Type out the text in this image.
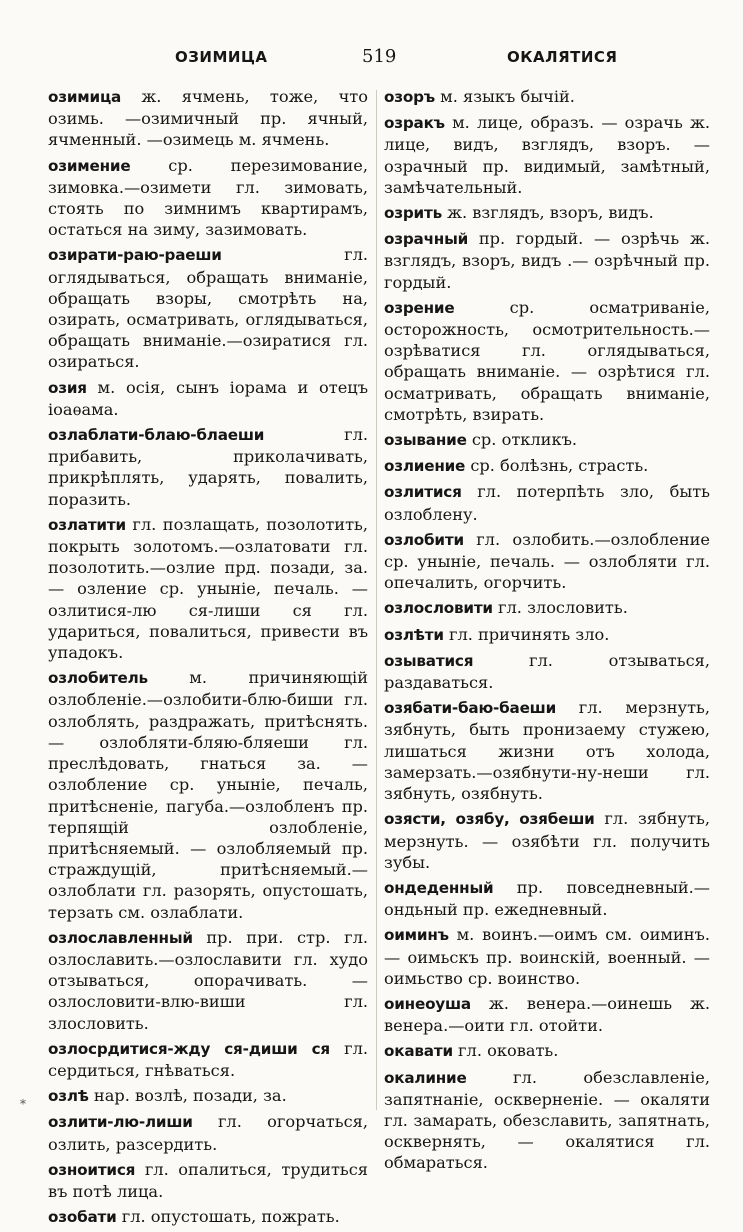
ОЗИМИЦА	519	ОКАЛЯТИСЯ
озимица ж. ячмень, тоже, что озимь. —озимичный пр. ячный, ячменный. —озимець м. ячмень.
озимение ср. перезимование, зимовка.—озимети гл. зимовать, стоять по зимнимъ квартирамъ, остаться на зиму, зазимовать.
озирати-раю-раеши гл. оглядываться, обращать вниманіе, обращать взоры, смотрѣть на, озирать, осматривать, оглядываться, обращать вниманіе.—озиратися гл. озираться.
озия м. осія, сынъ іорама и отецъ іоаѳама.
озлаблати-блаю-блаеши гл. прибавить, приколачивать, прикрѣплять, ударять, повалить, поразить.
озлатити гл. позлащать, позолотить, покрыть золотомъ.—озлатовати гл. позолотить.—озлие прд. позади, за. — озление ср. уныніе, печаль. — озлитися-лю ся-лиши ся гл. удариться, повалиться, привести въ упадокъ.
озлобитель м. причиняющій озлобленіе.—озлобити-блю-биши гл. озлоблять, раздражать, притѣснять. — озлобляти-бляю-бляеши гл. преслѣдовать, гнаться за. — озлобление ср. уныніе, печаль, притѣсненіе, пагуба.—озлобленъ пр. терпящій озлобленіе, притѣсняемый. — озлобляемый пр. страждущій, притѣсняемый.—озлоблати гл. разорять, опустошать, терзать см. озлаблати.
озлославленный пр. при. стр. гл. озлославить.—озлославити гл. худо отзываться, опорачивать. — озлословити-влю-виши гл. злословить.
озлосрдитися-жду ся-диши ся гл. сердиться, гнѣваться.
озлѣ нар. возлѣ, позади, за.
озлити-лю-лиши гл. огорчаться, озлить, разсердить.
озноитися гл. опалиться, трудиться въ потѣ лица.
озобати гл. опустошать, пожрать.
озоръ м. языкъ бычій.
озракъ м. лице, образъ. — озрачь ж. лице, видъ, взглядъ, взоръ. — озрачный пр. видимый, замѣтный, замѣчательный.
озрить ж. взглядъ, взоръ, видъ.
озрачный пр. гордый. — озрѣчь ж. взглядъ, взоръ, видъ .— озрѣчный пр. гордый.
озрение ср. осматриваніе, осторожность, осмотрительность.—озрѣватися гл. оглядываться, обращать вниманіе. — озрѣтися гл. осматривать, обращать вниманіе, смотрѣть, взирать.
озывание ср. откликъ.
озлиение ср. болѣзнь, страсть.
озлитися гл. потерпѣть зло, быть озлоблену.
озлобити гл. озлобить.—озлобление ср. уныніе, печаль. — озлобляти гл. опечалить, огорчить.
озлословити гл. злословить.
озлѣти гл. причинять зло.
озыватися гл. отзываться, раздаваться.
озябати-баю-баеши гл. мерзнуть, зябнуть, быть пронизаему стужею, лишаться жизни отъ холода, замерзать.—озябнути-ну-неши гл. зябнуть, озябнуть.
озясти, озябу, озябеши гл. зябнуть, мерзнуть. — озябѣти гл. получить зубы.
ондеденный пр. повседневный.—ондьный пр. ежедневный.
оиминъ м. воинъ.—оимъ см. оиминъ. — оимьскъ пр. воинскій, военный. —оимьство ср. воинство.
оинеоуша ж. венера.—оинешь ж. венера.—оити гл. отойти.
окавати гл. оковать.
окалиние гл. обезславленіе, запятнаніе, оскверненіе. — окаляти гл. замарать, обезславить, запятнать, осквернять, — окалятися гл. обмараться.
*
